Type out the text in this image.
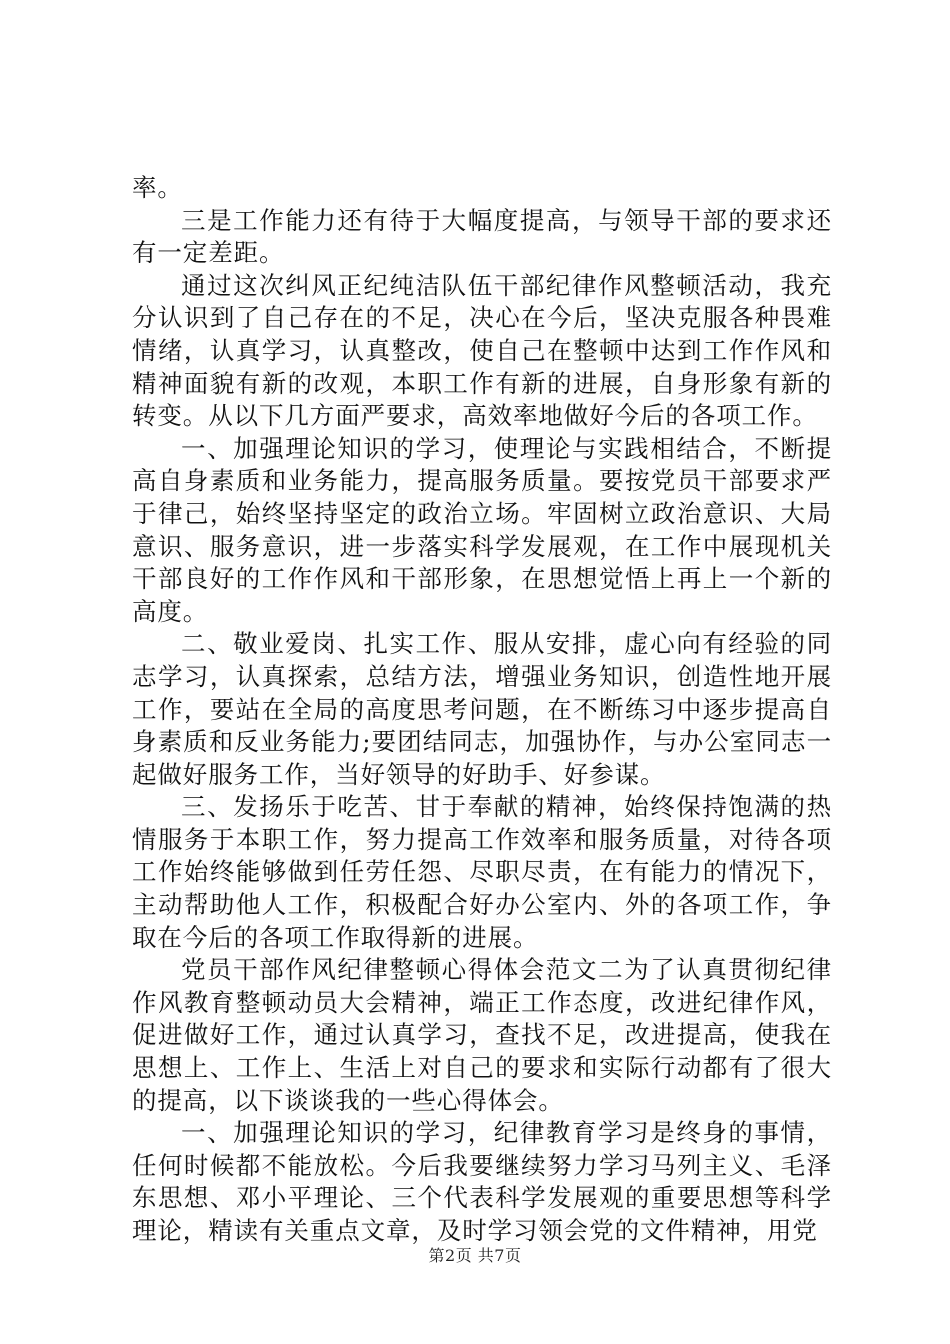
率。

三是工作能力还有待于大幅度提高，与领导干部的要求还有一定差距。

通过这次纠风正纪纯洁队伍干部纪律作风整顿活动，我充分认识到了自己存在的不足，决心在今后，坚决克服各种畏难情绪，认真学习，认真整改，使自己在整顿中达到工作作风和精神面貌有新的改观，本职工作有新的进展，自身形象有新的转变。从以下几方面严要求，高效率地做好今后的各项工作。

一、加强理论知识的学习，使理论与实践相结合，不断提高自身素质和业务能力，提高服务质量。要按党员干部要求严于律己，始终坚持坚定的政治立场。牢固树立政治意识、大局意识、服务意识，进一步落实科学发展观，在工作中展现机关干部良好的工作作风和干部形象，在思想觉悟上再上一个新的高度。

二、敬业爱岗、扎实工作、服从安排，虚心向有经验的同志学习，认真探索，总结方法，增强业务知识，创造性地开展工作，要站在全局的高度思考问题，在不断练习中逐步提高自身素质和反业务能力;要团结同志，加强协作，与办公室同志一起做好服务工作，当好领导的好助手、好参谋。

三、发扬乐于吃苦、甘于奉献的精神，始终保持饱满的热情服务于本职工作，努力提高工作效率和服务质量，对待各项工作始终能够做到任劳任怨、尽职尽责，在有能力的情况下，主动帮助他人工作，积极配合好办公室内、外的各项工作，争取在今后的各项工作取得新的进展。

党员干部作风纪律整顿心得体会范文二为了认真贯彻纪律作风教育整顿动员大会精神，端正工作态度，改进纪律作风，促进做好工作，通过认真学习，查找不足，改进提高，使我在思想上、工作上、生活上对自己的要求和实际行动都有了很大的提高，以下谈谈我的一些心得体会。

一、加强理论知识的学习，纪律教育学习是终身的事情，任何时候都不能放松。今后我要继续努力学习马列主义、毛泽东思想、邓小平理论、三个代表科学发展观的重要思想等科学理论，精读有关重点文章，及时学习领会党的文件精神，用党

第2页 共7页
